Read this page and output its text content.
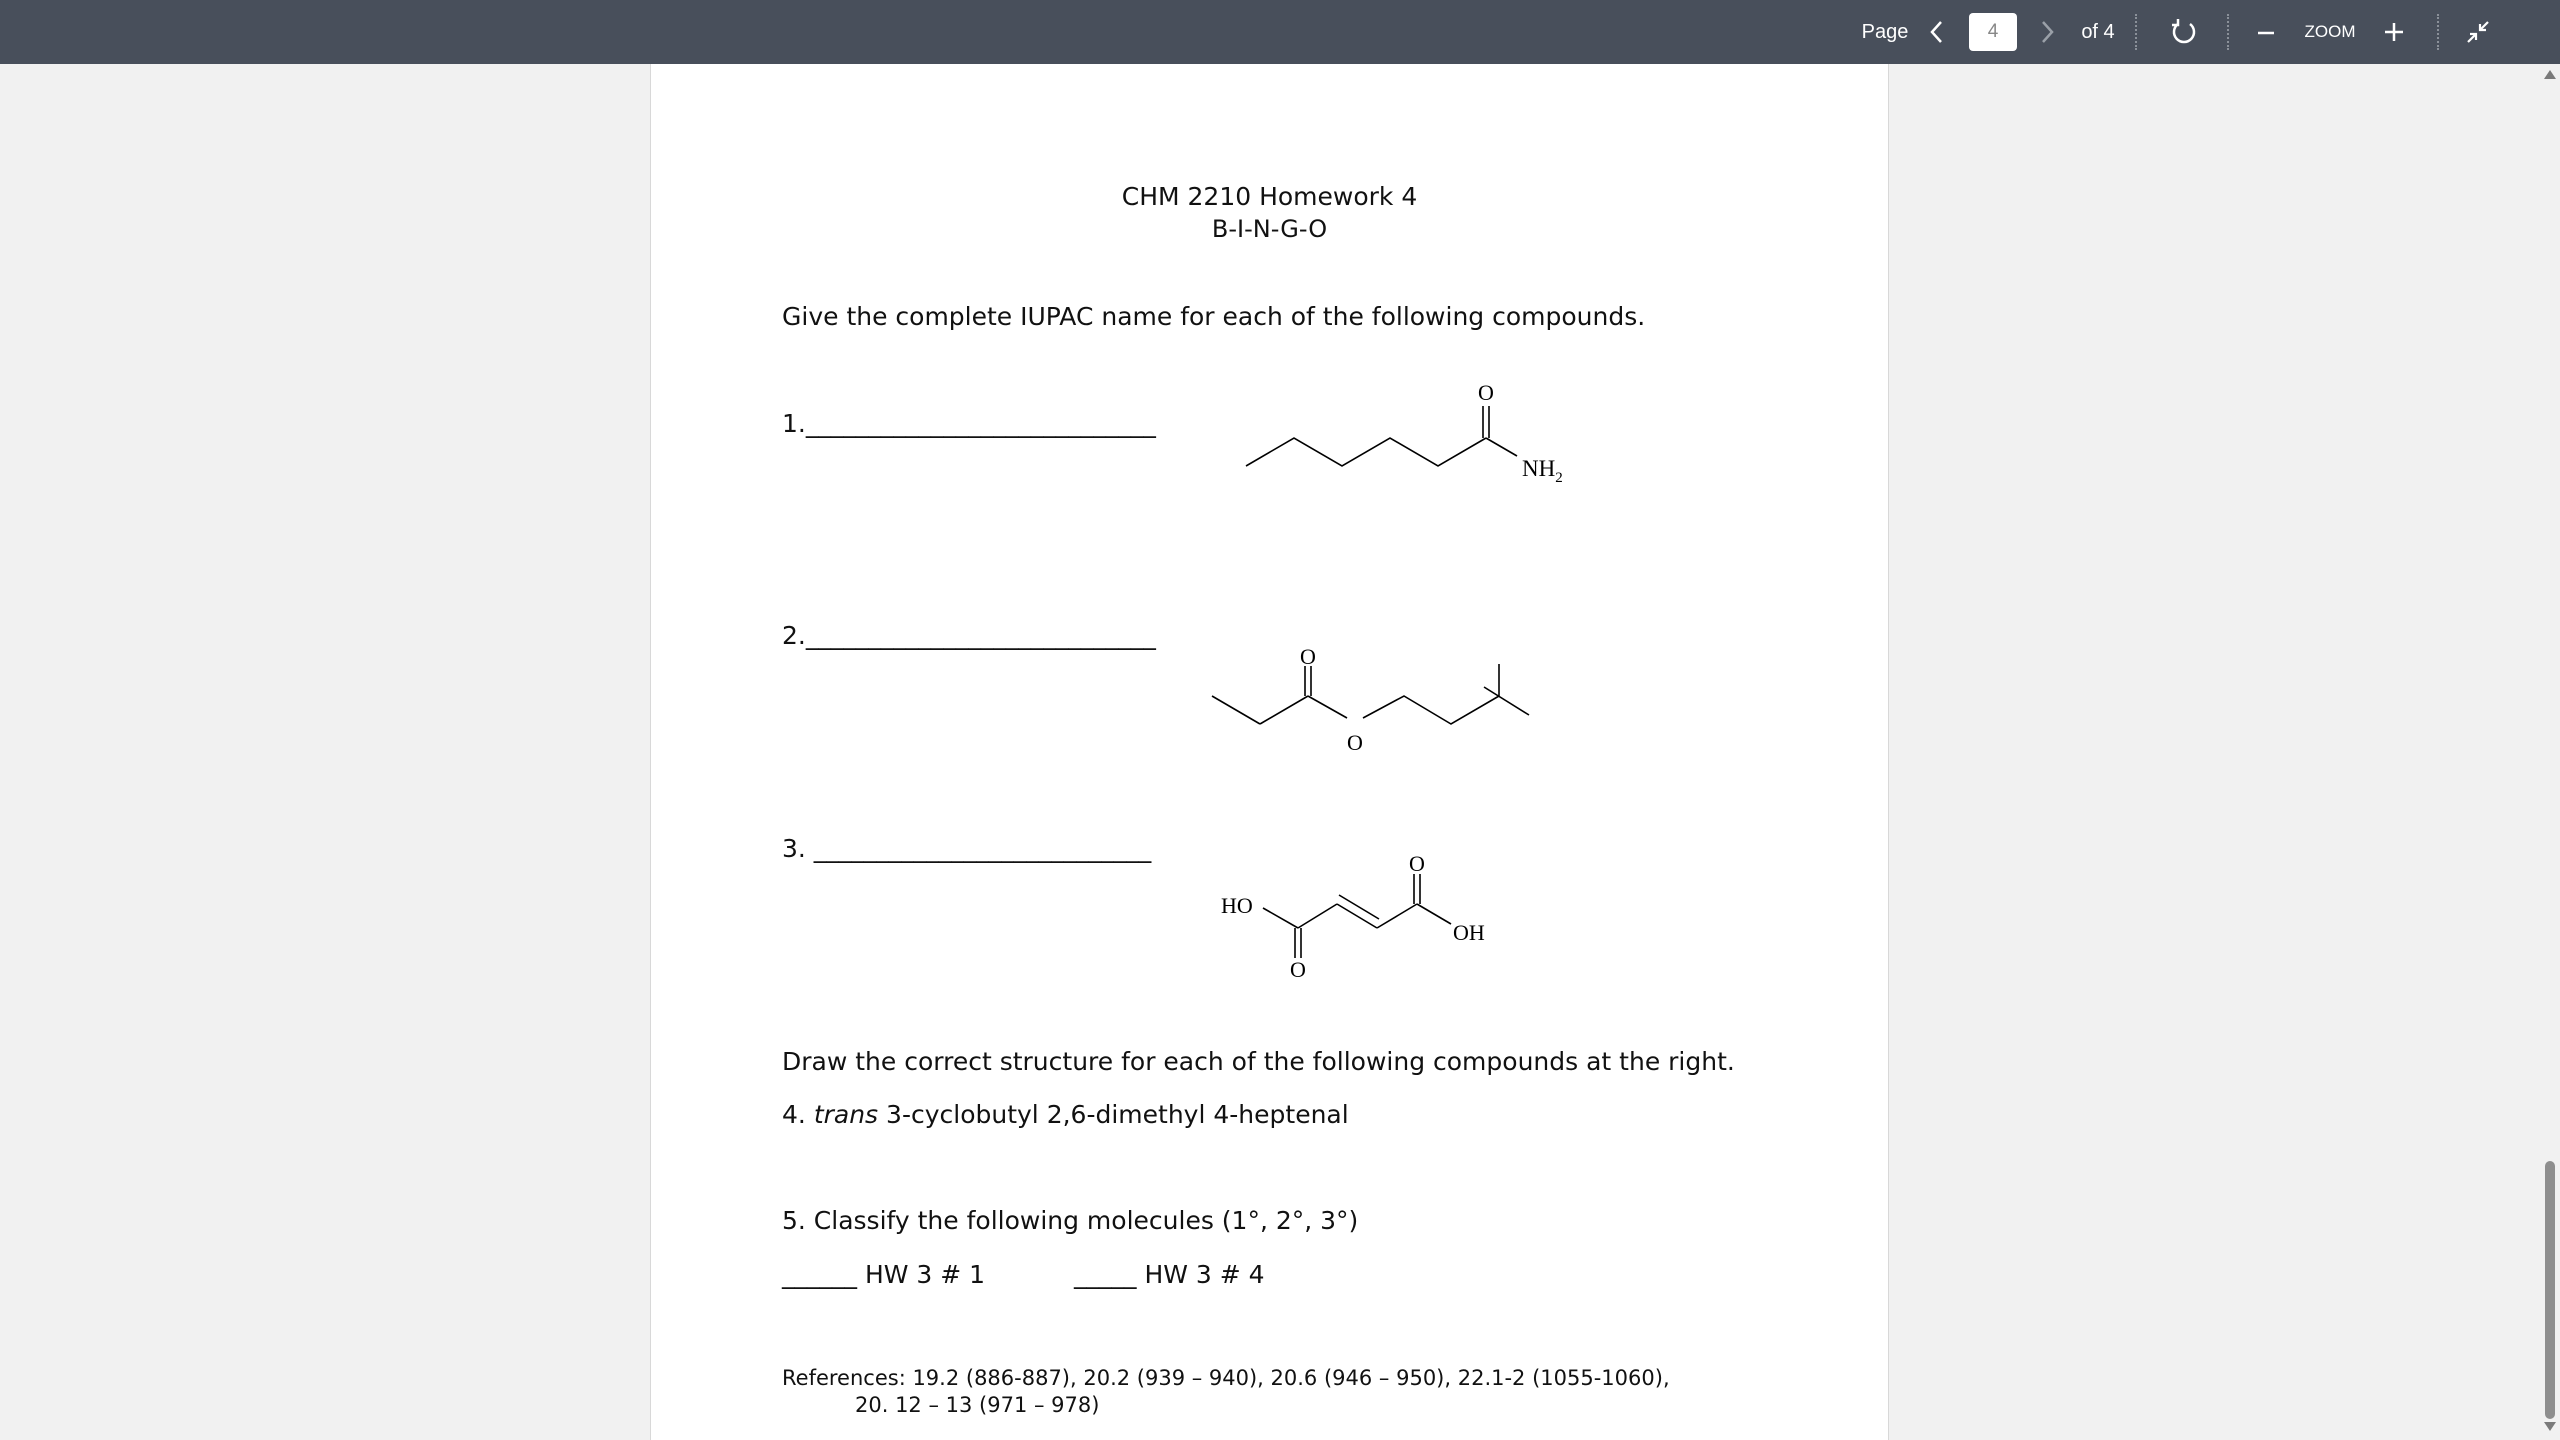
Page
4	of 4	ZOOM
CHM 2210 Homework 4
B-I-N-G-O
Give the complete IUPAC name for each of the following compounds.
1.____________________________
2.____________________________
3. ___________________________
O
$NH_2$
O
O
HO
O
OH
O
Draw the correct structure for each of the following compounds at the right.
4. trans 3-cyclobutyl 2,6-dimethyl 4-heptenal
5. Classify the following molecules (1°, 2°, 3°)
______ HW 3 # 1	_____ HW 3 # 4
References: 19.2 (886-887), 20.2 (939 – 940), 20.6 (946 – 950), 22.1-2 (1055-1060),
20. 12 – 13 (971 – 978)
